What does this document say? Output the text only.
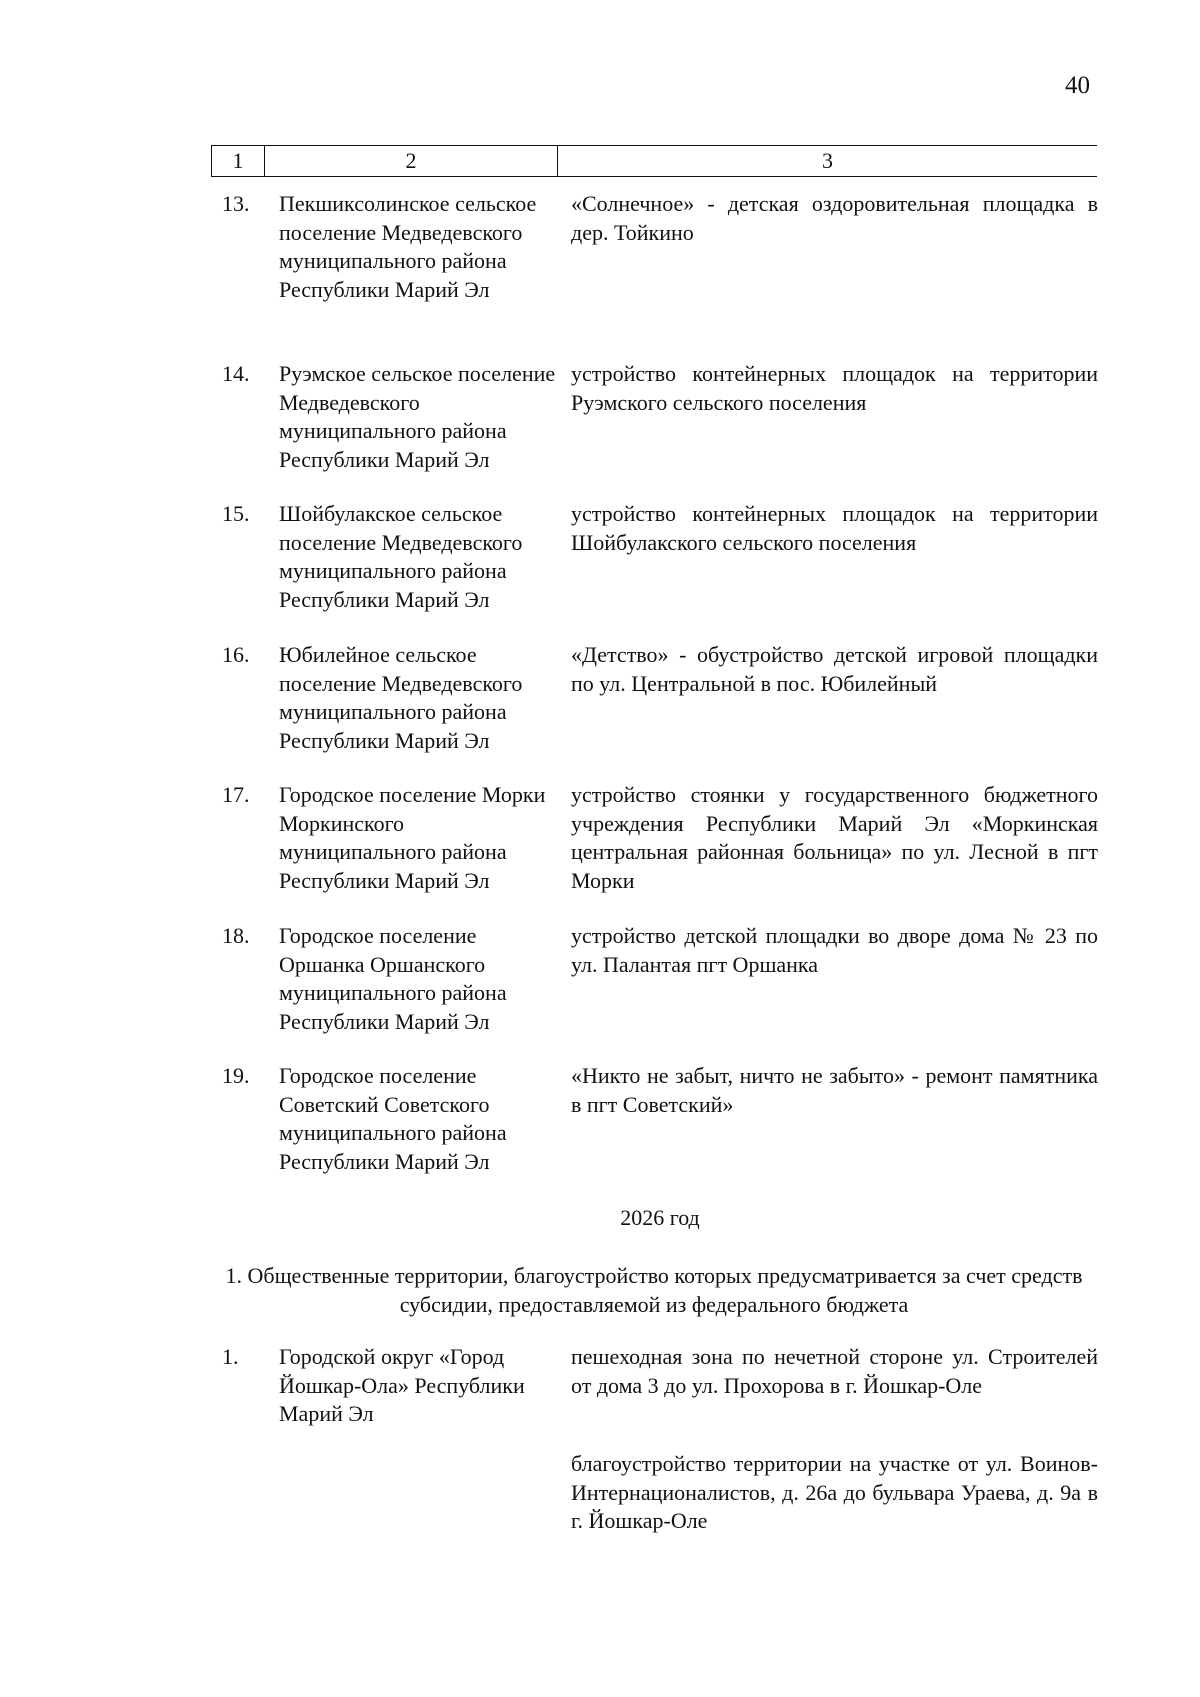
40
1	2	3
13. Пекшиксолинское сельское поселение Медведевского муниципального района Республики Марий Эл
«Солнечное» - детская оздоровительная площадка в дер. Тойкино
14. Руэмское сельское поселение Медведевского муниципального района Республики Марий Эл
устройство контейнерных площадок на территории Руэмского сельского поселения
15. Шойбулакское сельское поселение Медведевского муниципального района Республики Марий Эл
устройство контейнерных площадок на территории Шойбулакского сельского поселения
16. Юбилейное сельское поселение Медведевского муниципального района Республики Марий Эл
«Детство» - обустройство детской игровой площадки по ул. Центральной в пос. Юбилейный
17. Городское поселение Морки Моркинского муниципального района Республики Марий Эл
устройство стоянки у государственного бюджетного учреждения Республики Марий Эл «Моркинская центральная районная больница» по ул. Лесной в пгт Морки
18. Городское поселение Оршанка Оршанского муниципального района Республики Марий Эл
устройство детской площадки во дворе дома № 23 по ул. Палантая пгт Оршанка
19. Городское поселение Советский Советского муниципального района Республики Марий Эл
«Никто не забыт, ничто не забыто» - ремонт памятника в пгт Советский»
2026 год
1. Общественные территории, благоустройство которых предусматривается за счет средств субсидии, предоставляемой из федерального бюджета
1. Городской округ «Город Йошкар-Ола» Республики Марий Эл
пешеходная зона по нечетной стороне ул. Строителей от дома 3 до ул. Прохорова в г. Йошкар-Оле
благоустройство территории на участке от ул. Воинов-Интернационалистов, д. 26а до бульвара Ураева, д. 9а в г. Йошкар-Оле
